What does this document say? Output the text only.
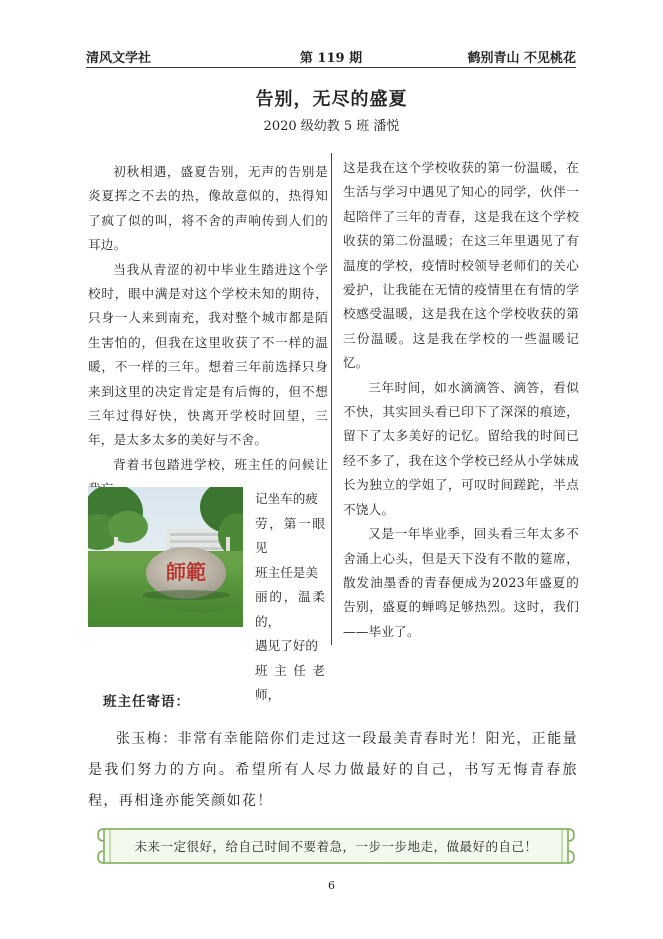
清风文学社	第 119 期	鹤别青山 不见桃花
告别，无尽的盛夏
2020 级幼教 5 班 潘悦

初秋相遇，盛夏告别，无声的告别是炎夏挥之不去的热，像故意似的，热得知了疯了似的叫，将不舍的声响传到人们的耳边。

当我从青涩的初中毕业生踏进这个学校时，眼中满是对这个学校未知的期待，只身一人来到南充，我对整个城市都是陌生害怕的，但我在这里收获了不一样的温暖，不一样的三年。想着三年前选择只身来到这里的决定肯定是有后悔的，但不想三年过得好快，快离开学校时回望，三年，是太多太多的美好与不舍。

背着书包踏进学校，班主任的问候让

師範

记坐车的疲

劳，第一眼见

班主任是美

丽的，温柔的，

遇见了好的

班主任老师，

这是我在这个学校收获的第一份温暖，在生活与学习中遇见了知心的同学，伙伴一起陪伴了三年的青春，这是我在这个学校收获的第二份温暖；在这三年里遇见了有温度的学校，疫情时校领导老师们的关心爱护，让我能在无情的疫情里在有情的学校感受温暖，这是我在这个学校收获的第三份温暖。这是我在学校的一些温暖记忆。

三年时间，如水滴滴答、滴答，看似不快，其实回头看已印下了深深的痕迹，留下了太多美好的记忆。留给我的时间已经不多了，我在这个学校已经从小学妹成长为独立的学姐了，可叹时间蹉跎，半点不饶人。

又是一年毕业季，回头看三年太多不舍涌上心头，但是天下没有不散的筵席，散发油墨香的青春便成为2023年盛夏的告别，盛夏的蝉鸣足够热烈。这时，我们——毕业了。

班主任寄语：

张玉梅：非常有幸能陪你们走过这一段最美青春时光！阳光，正能量是我们努力的方向。希望所有人尽力做最好的自己，书写无悔青春旅程，再相逢亦能笑颜如花！

未来一定很好，给自己时间不要着急，一步一步地走，做最好的自己！
6
